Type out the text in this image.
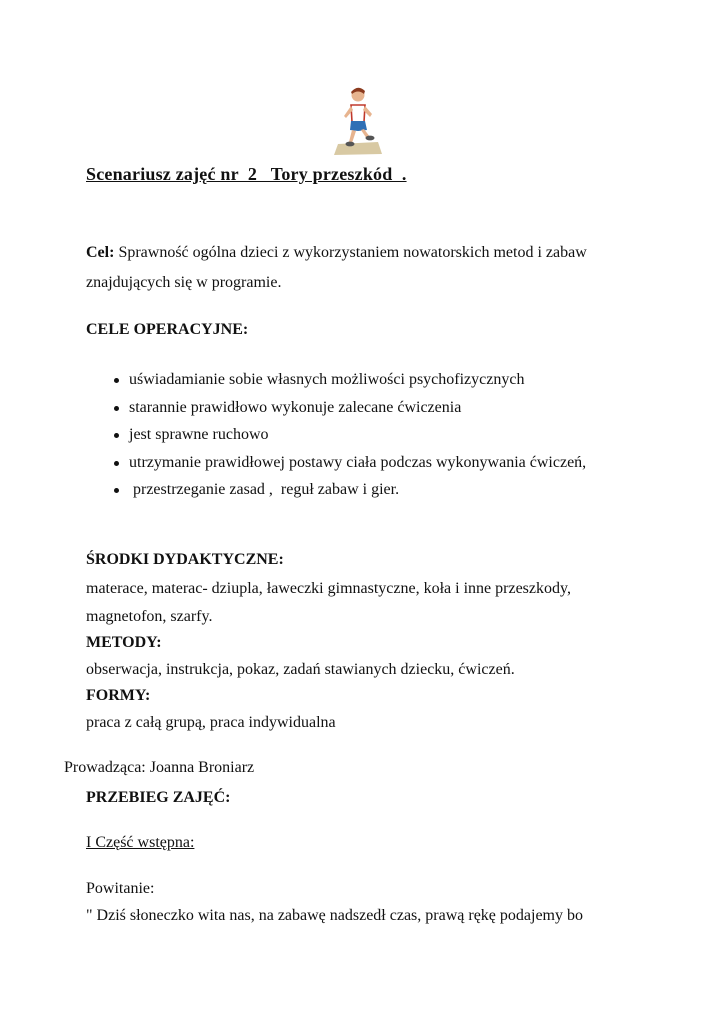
Scenariusz zajęć nr  2   Tory przeszkód  .
Cel: Sprawność ogólna dzieci z wykorzystaniem nowatorskich metod i zabaw
znajdujących się w programie.
CELE OPERACYJNE:
uświadamianie sobie własnych możliwości psychofizycznych
starannie prawidłowo wykonuje zalecane ćwiczenia
jest sprawne ruchowo
utrzymanie prawidłowej postawy ciała podczas wykonywania ćwiczeń,
przestrzeganie zasad ,  reguł zabaw i gier.
ŚRODKI DYDAKTYCZNE:
materace, materac- dziupla, ławeczki gimnastyczne, koła i inne przeszkody,
magnetofon, szarfy.
METODY:
obserwacja, instrukcja, pokaz, zadań stawianych dziecku, ćwiczeń.
FORMY:
praca z całą grupą, praca indywidualna
Prowadząca: Joanna Broniarz
PRZEBIEG ZAJĘĆ:
I Część wstępna:
Powitanie:
" Dziś słoneczko wita nas, na zabawę nadszedł czas, prawą rękę podajemy bo
